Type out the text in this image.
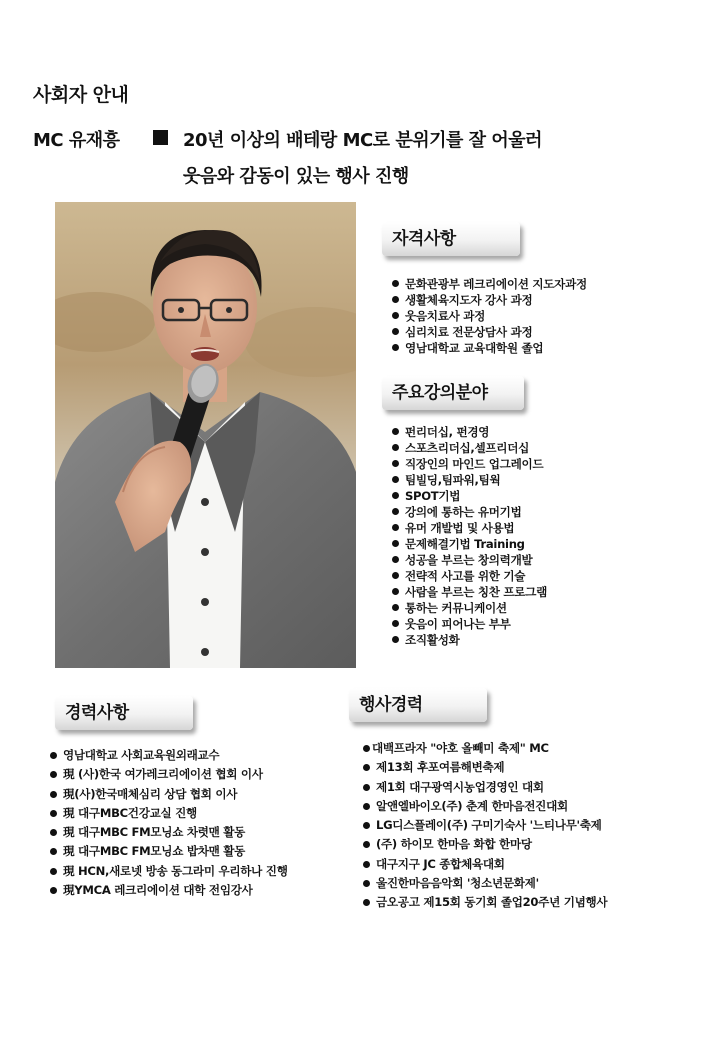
사회자 안내
MC 유재흥	20년 이상의 배테랑 MC로 분위기를 잘 어울러
웃음와 감동이 있는 행사 진행
자격사항
문화관광부 레크리에이션 지도자과정
생활체육지도자 강사 과정
웃음치료사 과정
심리치료 전문상담사 과정
영남대학교 교육대학원 졸업
주요강의분야
펀리더십, 펀경영
스포츠리더십,셀프리더십
직장인의 마인드 업그레이드
팀빌딩,팀파워,팀웍
SPOT기법
강의에 통하는 유머기법
유머 개발법 및 사용법
문제해결기법 Training
성공을 부르는 창의력개발
전략적 사고를 위한 기술
사람을 부르는 칭찬 프로그램
통하는 커뮤니케이션
웃음이 피어나는 부부
조직활성화
경력사항
영남대학교 사회교육원외래교수
現 (사)한국 여가레크리에이션 협회 이사
現(사)한국매체심리 상담 협회 이사
現 대구MBC건강교실 진행
現 대구MBC FM모닝쇼 차렷맨 활동
現 대구MBC FM모닝쇼 밥차맨 활동
現 HCN,새로넷 방송 동그라미 우리하나 진행
現YMCA 레크리에이션 대학 전임강사
행사경력
대백프라자 "야호 올빼미 축제" MC
제13회 후포여름해변축제
제1회 대구광역시농업경영인 대회
알앤엘바이오(주) 춘계 한마음전진대회
LG디스플레이(주) 구미기숙사 '느티나무'축제
(주) 하이모 한마음 화합 한마당
대구지구 JC 종합체육대회
울진한마음음악회 '청소년문화제'
금오공고 제15회 동기회 졸업20주년 기념행사
